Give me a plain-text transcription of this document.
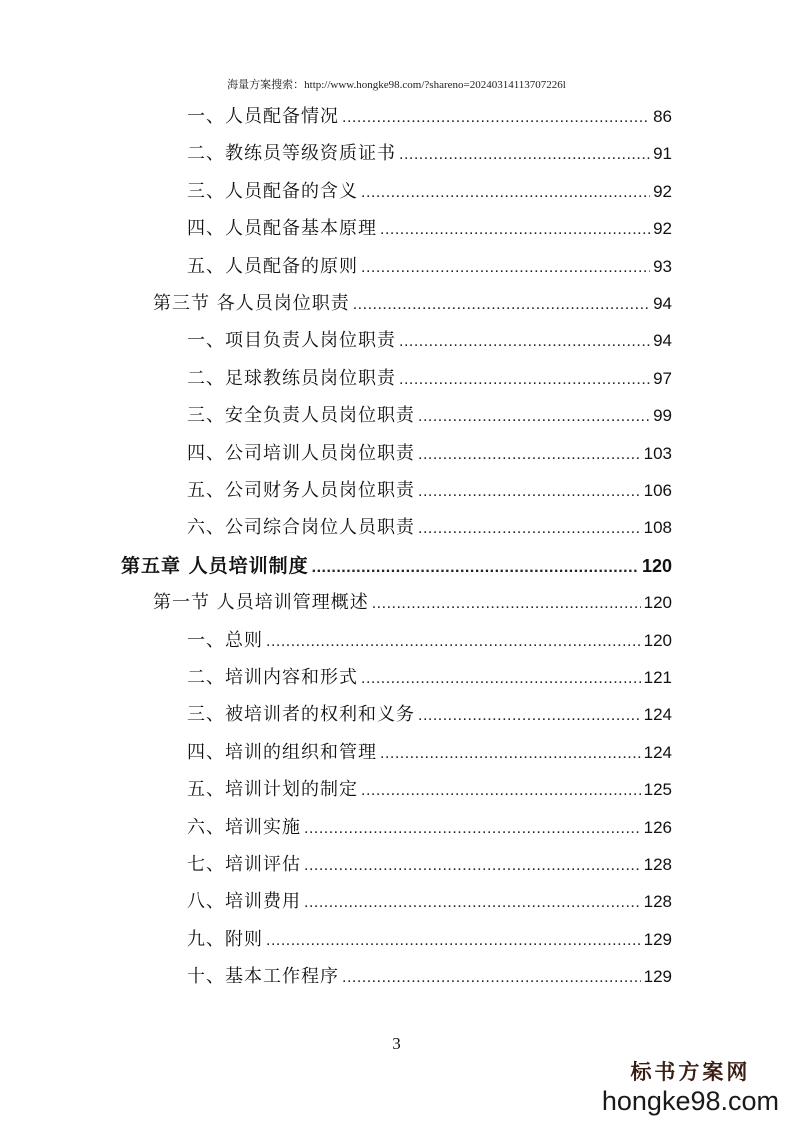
海量方案搜索：http://www.hongke98.com/?shareno=20240314113707226l
一、人员配备情况 .....	86
二、教练员等级资质证书 .....	91
三、人员配备的含义 .....	92
四、人员配备基本原理 .....	92
五、人员配备的原则 .....	93
第三节 各人员岗位职责 .....	94
一、项目负责人岗位职责 .....	94
二、足球教练员岗位职责 .....	97
三、安全负责人员岗位职责 .....	99
四、公司培训人员岗位职责 .....	103
五、公司财务人员岗位职责 .....	106
六、公司综合岗位人员职责 .....	108
第五章 人员培训制度 .....	120
第一节 人员培训管理概述 .....	120
一、总则 .....	120
二、培训内容和形式 .....	121
三、被培训者的权利和义务 .....	124
四、培训的组织和管理 .....	124
五、培训计划的制定 .....	125
六、培训实施 .....	126
七、培训评估 .....	128
八、培训费用 .....	128
九、附则 .....	129
十、基本工作程序 .....	129
3
标书方案网
hongke98.com
